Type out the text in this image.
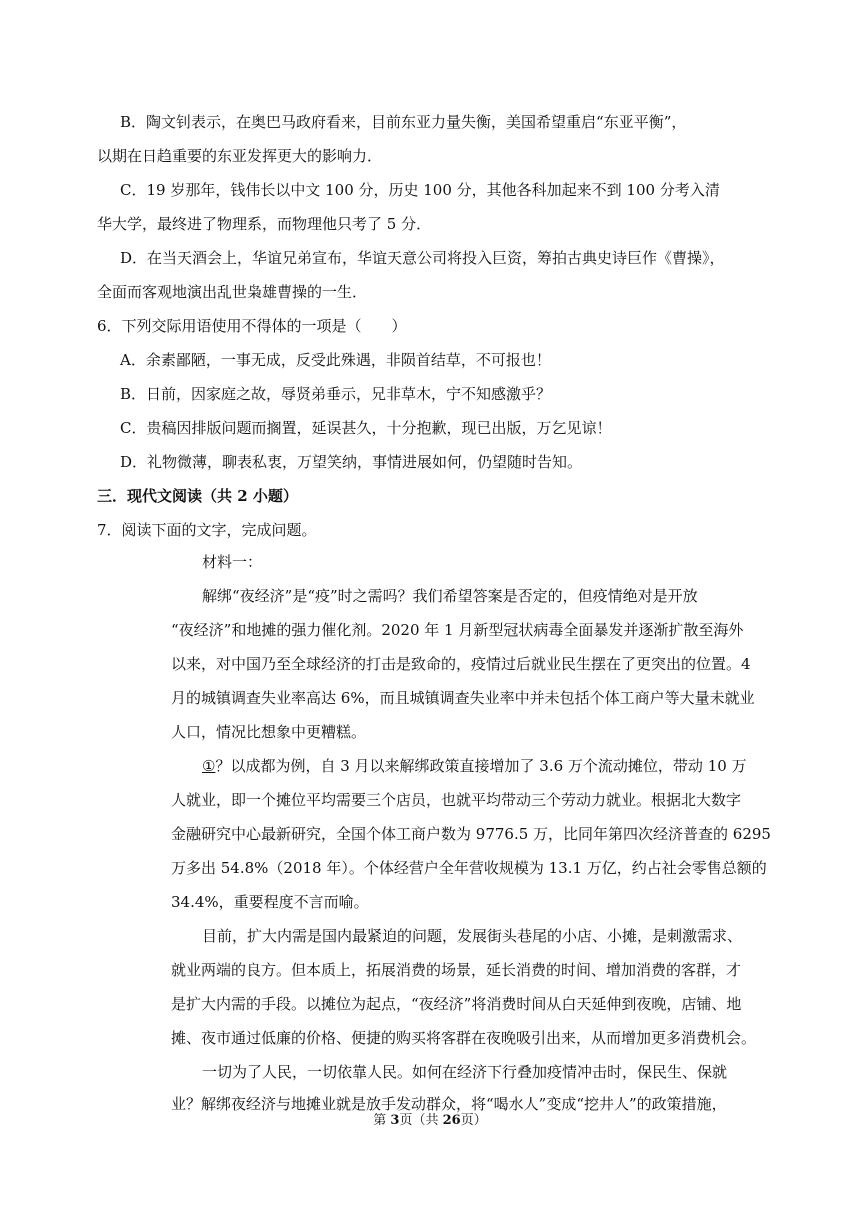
B．陶文钊表示，在奥巴马政府看来，目前东亚力量失衡，美国希望重启“东亚平衡”，
以期在日趋重要的东亚发挥更大的影响力．
C．19 岁那年，钱伟长以中文 100 分，历史 100 分，其他各科加起来不到 100 分考入清
华大学，最终进了物理系，而物理他只考了 5 分．
D．在当天酒会上，华谊兄弟宣布，华谊天意公司将投入巨资，筹拍古典史诗巨作《曹操》，
全面而客观地演出乱世枭雄曹操的一生．
6．下列交际用语使用不得体的一项是（　　）
A．余素鄙陋，一事无成，反受此殊遇，非陨首结草，不可报也！
B．日前，因家庭之故，辱贤弟垂示，兄非草木，宁不知感激乎？
C．贵稿因排版问题而搁置，延误甚久，十分抱歉，现已出版，万乞见谅！
D．礼物微薄，聊表私衷，万望笑纳，事情进展如何，仍望随时告知。
三．现代文阅读（共 2 小题）
7．阅读下面的文字，完成问题。
材料一：
解绑“夜经济”是“疫”时之需吗？我们希望答案是否定的，但疫情绝对是开放
“夜经济”和地摊的强力催化剂。2020 年 1 月新型冠状病毒全面暴发并逐渐扩散至海外
以来，对中国乃至全球经济的打击是致命的，疫情过后就业民生摆在了更突出的位置。4
月的城镇调查失业率高达 6%，而且城镇调查失业率中并未包括个体工商户等大量未就业
人口，情况比想象中更糟糕。
①？以成都为例，自 3 月以来解绑政策直接增加了 3.6 万个流动摊位，带动 10 万
人就业，即一个摊位平均需要三个店员，也就平均带动三个劳动力就业。根据北大数字
金融研究中心最新研究，全国个体工商户数为 9776.5 万，比同年第四次经济普查的 6295
万多出 54.8%（2018 年）。个体经营户全年营收规模为 13.1 万亿，约占社会零售总额的
34.4%，重要程度不言而喻。
目前，扩大内需是国内最紧迫的问题，发展街头巷尾的小店、小摊，是刺激需求、
就业两端的良方。但本质上，拓展消费的场景，延长消费的时间、增加消费的客群，才
是扩大内需的手段。以摊位为起点，“夜经济”将消费时间从白天延伸到夜晚，店铺、地
摊、夜市通过低廉的价格、便捷的购买将客群在夜晚吸引出来，从而增加更多消费机会。
一切为了人民，一切依靠人民。如何在经济下行叠加疫情冲击时，保民生、保就
业？解绑夜经济与地摊业就是放手发动群众，将“喝水人”变成“挖井人”的政策措施，
第 3页（共 26页）
